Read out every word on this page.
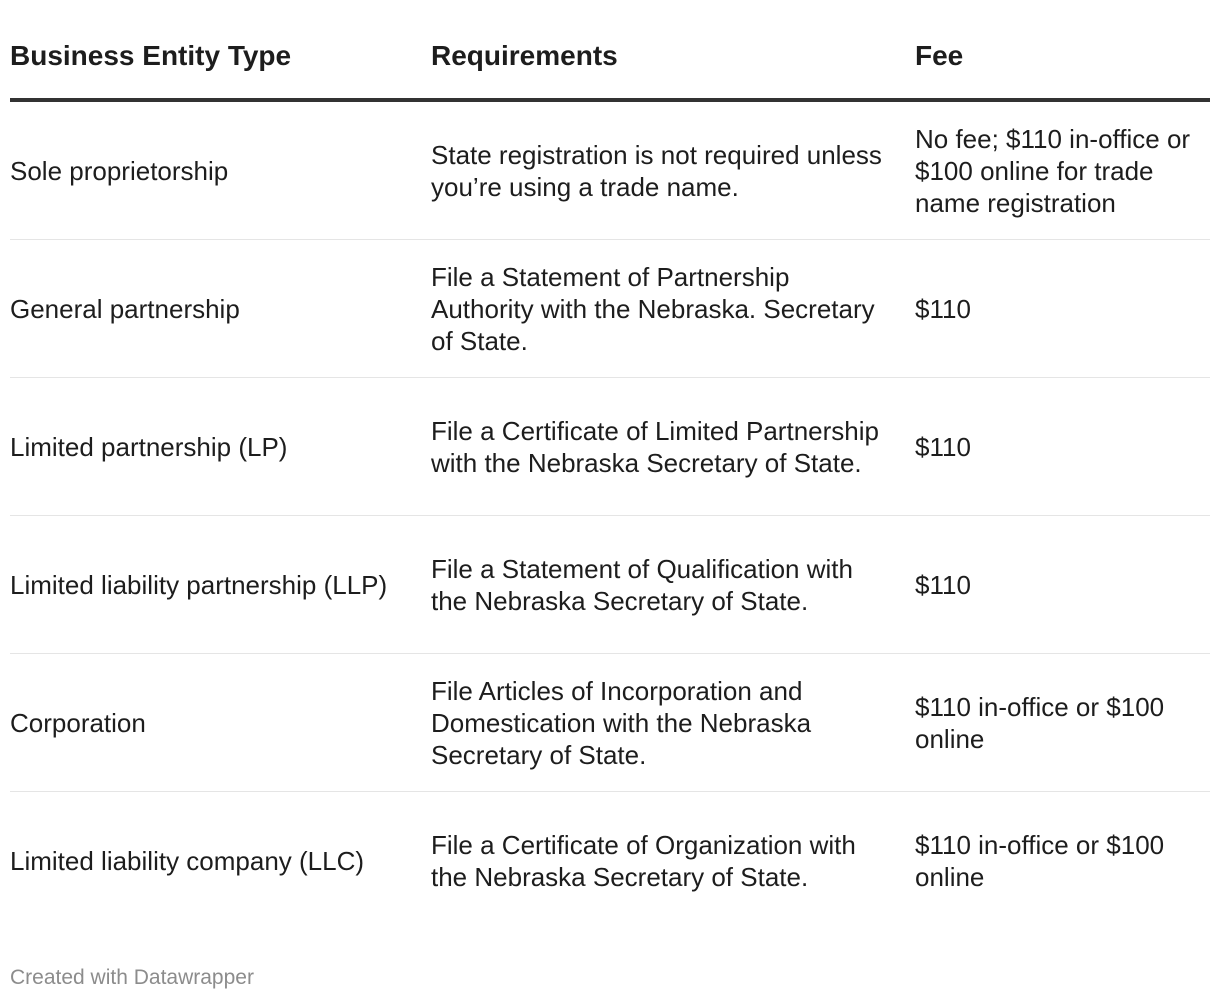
Business Entity Type	Requirements	Fee
Sole proprietorship	State registration is not required unless you’re using a trade name.	No fee; $110 in-office or $100 online for trade name registration
General partnership	File a Statement of Partnership Authority with the Nebraska. Secretary of State.	$110
Limited partnership (LP)	File a Certificate of Limited Partnership with the Nebraska Secretary of State.	$110
Limited liability partnership (LLP)	File a Statement of Qualification with the Nebraska Secretary of State.	$110
Corporation	File Articles of Incorporation and Domestication with the Nebraska Secretary of State.	$110 in-office or $100 online
Limited liability company (LLC)	File a Certificate of Organization with the Nebraska Secretary of State.	$110 in-office or $100 online
Created with Datawrapper
